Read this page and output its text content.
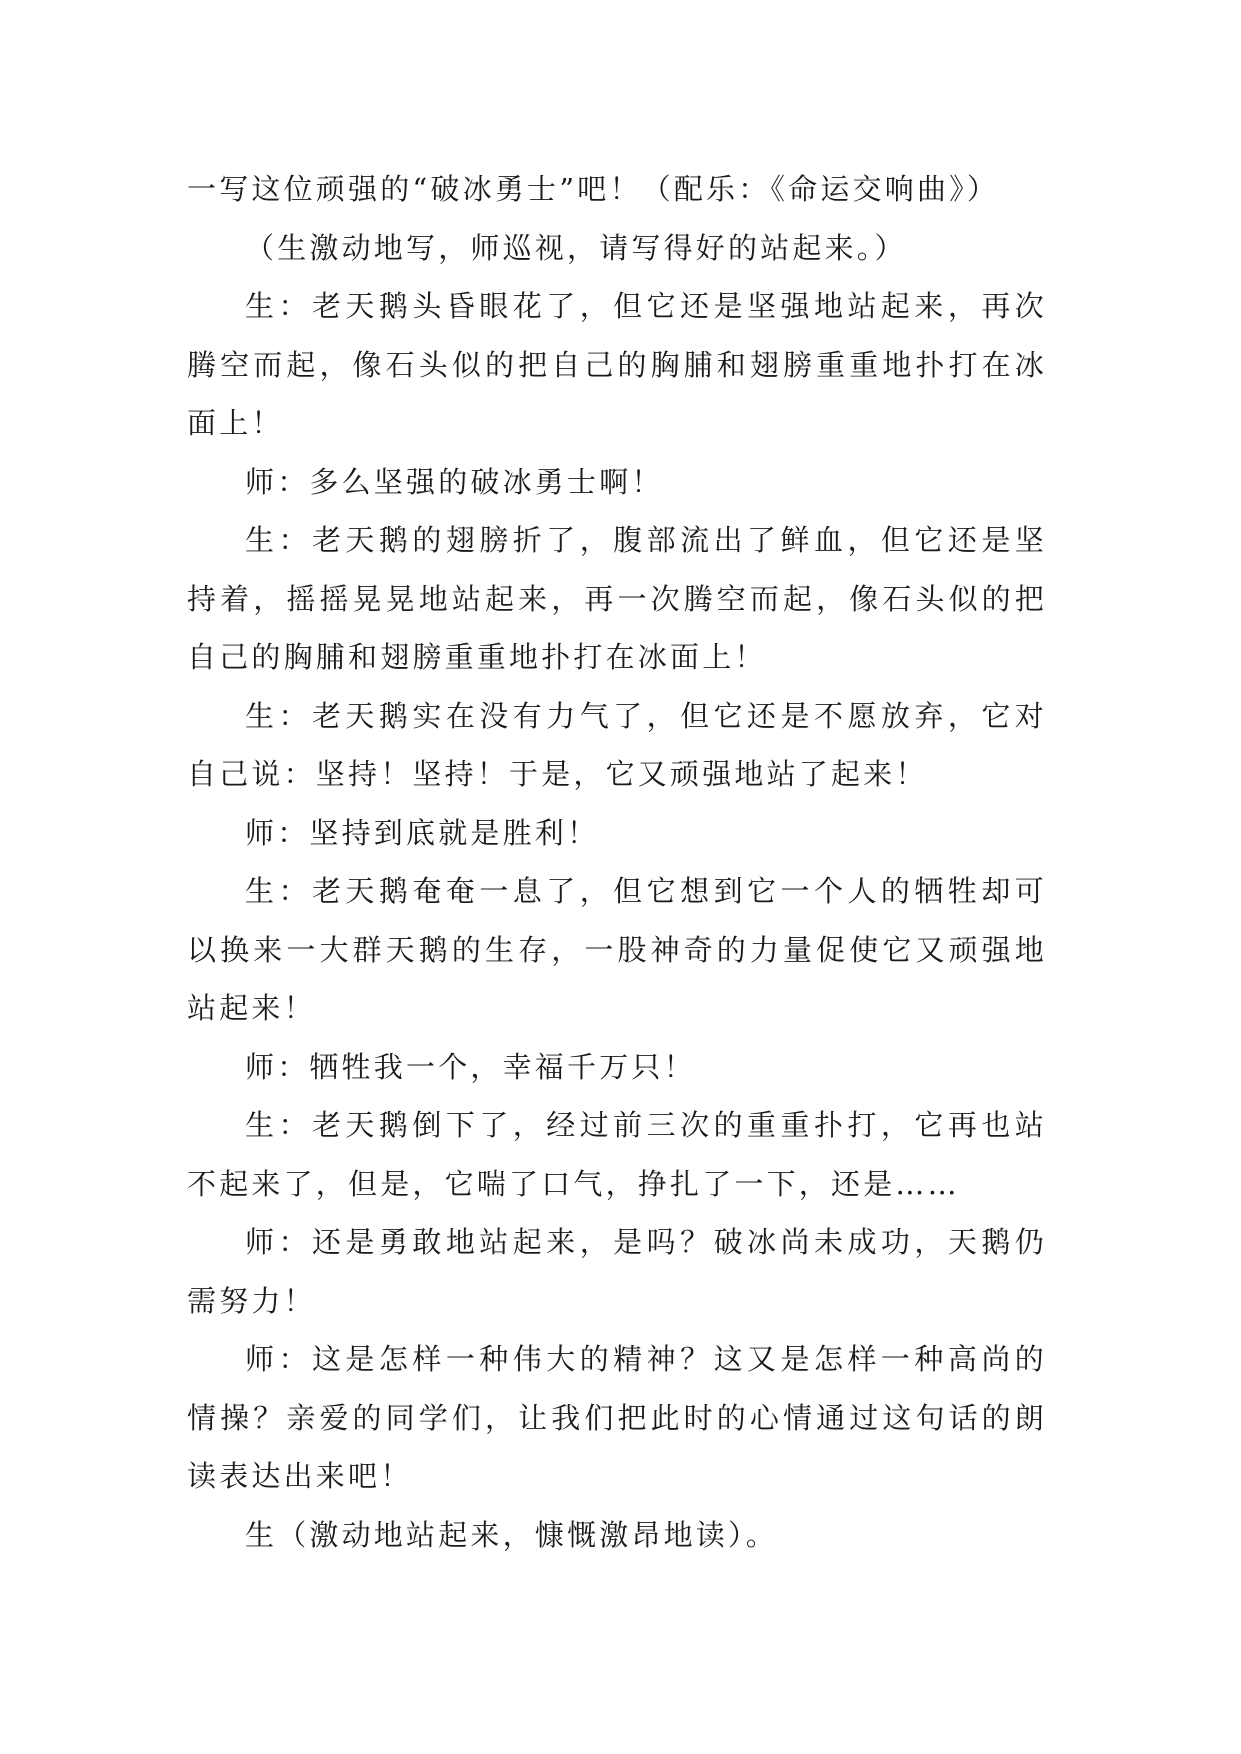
一写这位顽强的“破冰勇士”吧！（配乐：《命运交响曲》）

（生激动地写，师巡视，请写得好的站起来。）

生：老天鹅头昏眼花了，但它还是坚强地站起来，再次腾空而起，像石头似的把自己的胸脯和翅膀重重地扑打在冰面上！

师：多么坚强的破冰勇士啊！

生：老天鹅的翅膀折了，腹部流出了鲜血，但它还是坚持着，摇摇晃晃地站起来，再一次腾空而起，像石头似的把自己的胸脯和翅膀重重地扑打在冰面上！

生：老天鹅实在没有力气了，但它还是不愿放弃，它对自己说：坚持！坚持！于是，它又顽强地站了起来！

师：坚持到底就是胜利！

生：老天鹅奄奄一息了，但它想到它一个人的牺牲却可以换来一大群天鹅的生存，一股神奇的力量促使它又顽强地站起来！

师：牺牲我一个，幸福千万只！

生：老天鹅倒下了，经过前三次的重重扑打，它再也站不起来了，但是，它喘了口气，挣扎了一下，还是……

师：还是勇敢地站起来，是吗？破冰尚未成功，天鹅仍需努力！

师：这是怎样一种伟大的精神？这又是怎样一种高尚的情操？亲爱的同学们，让我们把此时的心情通过这句话的朗读表达出来吧！

生（激动地站起来，慷慨激昂地读）。
